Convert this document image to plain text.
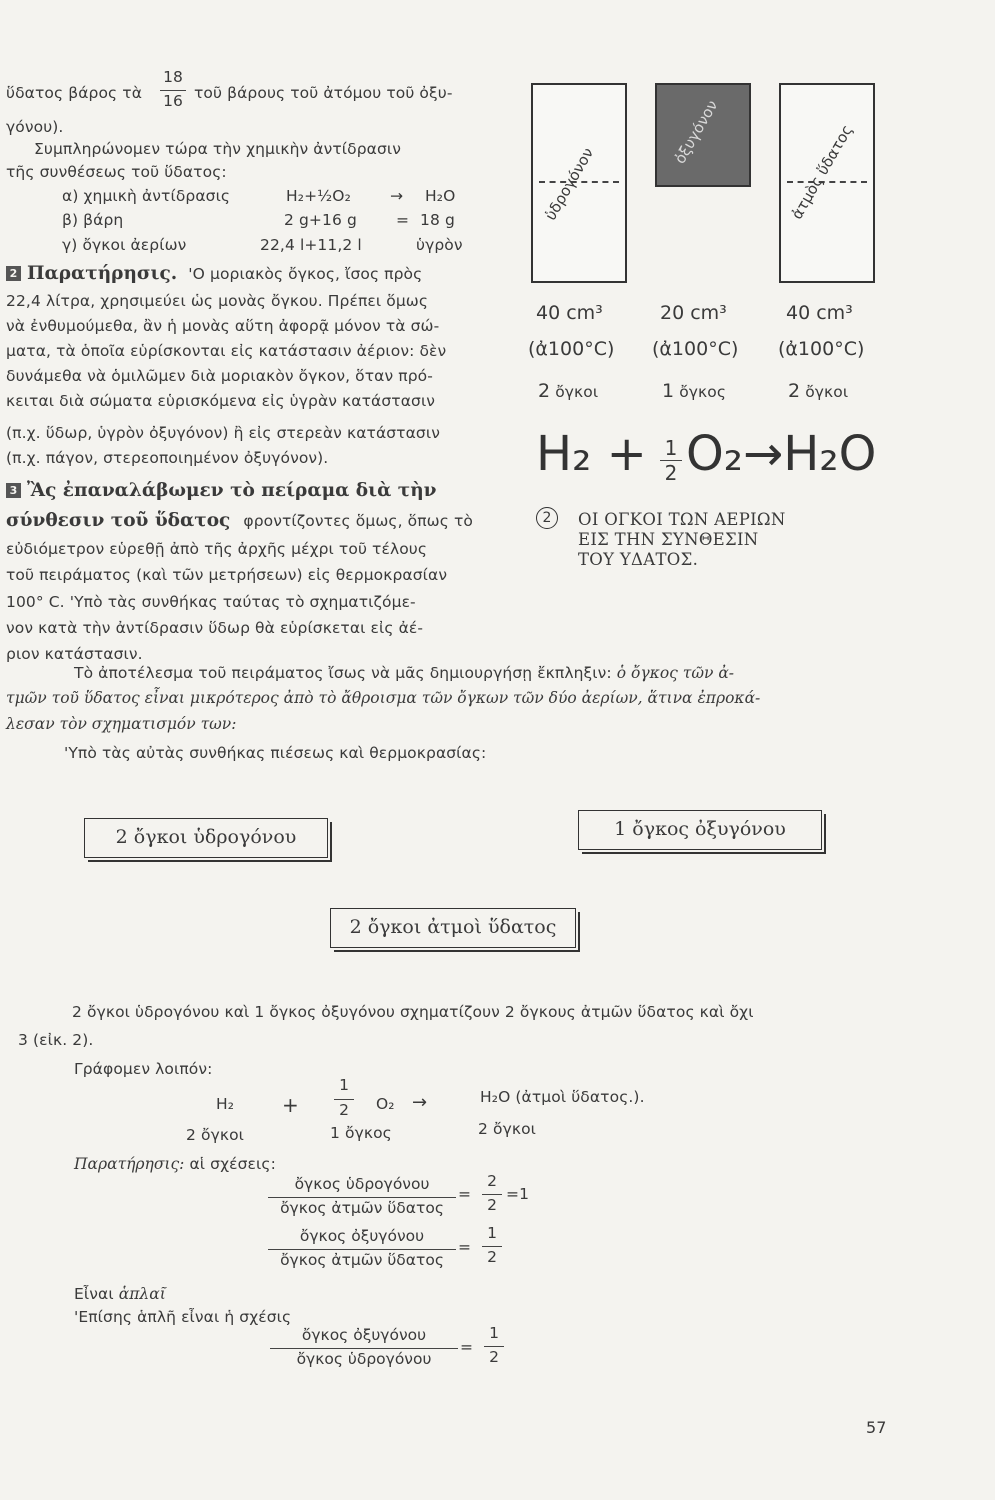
ὕδατος βάρος τὰ
18
16 τοῦ βάρους τοῦ ἀτόμου τοῦ ὀξυ-
γόνου).
Συμπληρώνομεν τώρα τὴν χημικὴν ἀντίδρασιν
τῆς συνθέσεως τοῦ ὕδατος:
α) χημικὴ ἀντίδρασις	H₂+½O₂	→ H₂O
β) βάρη	2 g+16 g	= 18 g
γ) ὄγκοι ἀερίων	22,4 l+11,2 l	ὑγρὸν
2 Παρατήρησις. 'Ο μοριακὸς ὄγκος, ἴσος πρὸς
22,4 λίτρα, χρησιμεύει ὡς μονὰς ὄγκου. Πρέπει ὅμως
νὰ ἐνθυμούμεθα, ἂν ἡ μονὰς αὕτη ἀφορᾷ μόνον τὰ σώ-
ματα, τὰ ὁποῖα εὑρίσκονται εἰς κατάστασιν ἀέριον: δὲν
δυνάμεθα νὰ ὁμιλῶμεν διὰ μοριακὸν ὄγκον, ὅταν πρό-
κειται διὰ σώματα εὑρισκόμενα εἰς ὑγρὰν κατάστασιν
(π.χ. ὕδωρ, ὑγρὸν ὀξυγόνον) ἢ εἰς στερεὰν κατάστασιν
(π.χ. πάγον, στερεοποιημένον ὀξυγόνον).
3 Ἂς ἐπαναλάβωμεν τὸ πείραμα διὰ τὴν
σύνθεσιν τοῦ ὕδατος φροντίζοντες ὅμως, ὅπως τὸ
εὐδιόμετρον εὑρεθῇ ἀπὸ τῆς ἀρχῆς μέχρι τοῦ τέλους
τοῦ πειράματος (καὶ τῶν μετρήσεων) εἰς θερμοκρασίαν
100° C. 'Υπὸ τὰς συνθήκας ταύτας τὸ σχηματιζόμε-
νον κατὰ τὴν ἀντίδρασιν ὕδωρ θὰ εὑρίσκεται εἰς ἀέ-
ριον κατάστασιν.
ὑδρογόνον
ὀξυγόνον	ἀτμὸς ὕδατος
40 cm³	20 cm³	40 cm³
(ἀ100°C) (ἀ100°C) (ἀ100°C)
2 ὄγκοι	1 ὄγκος	2 ὄγκοι
H₂ + 1
2 O₂→H₂O
2	ΟΙ ΟΓΚΟΙ ΤΩΝ ΑΕΡΙΩΝ
ΕΙΣ ΤΗΝ ΣΥΝΘΕΣΙΝ
ΤΟΥ ΥΔΑΤΟΣ.
Τὸ ἀποτέλεσμα τοῦ πειράματος ἴσως νὰ μᾶς δημιουργήσῃ ἔκπληξιν: ὁ ὄγκος τῶν ἀ-
τμῶν τοῦ ὕδατος εἶναι μικρότερος ἀπὸ τὸ ἄθροισμα τῶν ὄγκων τῶν δύο ἀερίων, ἅτινα ἐπροκά-
λεσαν τὸν σχηματισμόν των:
'Υπὸ τὰς αὐτὰς συνθήκας πιέσεως καὶ θερμοκρασίας:
2 ὄγκοι ὑδρογόνου	1 ὄγκος ὀξυγόνου
2 ὄγκοι ἀτμοὶ ὕδατος
2 ὄγκοι ὑδρογόνου καὶ 1 ὄγκος ὀξυγόνου σχηματίζουν 2 ὄγκους ἀτμῶν ὕδατος καὶ ὄχι
3 (εἰκ. 2).
Γράφομεν λοιπόν:
H₂ +
1
2	O₂ →	H₂O (ἀτμοὶ ὕδατος.).
2 ὄγκοι	1 ὄγκος	2 ὄγκοι
Παρατήρησις: αἱ σχέσεις:
ὄγκος ὑδρογόνου
ὄγκος ἀτμῶν ὕδατος
=
2
2
=1
ὄγκος ὀξυγόνου
ὄγκος ἀτμῶν ὕδατος
=
1
2
Εἶναι ἁπλαῖ
'Επίσης ἁπλῆ εἶναι ἡ σχέσις
ὄγκος ὀξυγόνου
ὄγκος ὑδρογόνου
=
1
2
57
